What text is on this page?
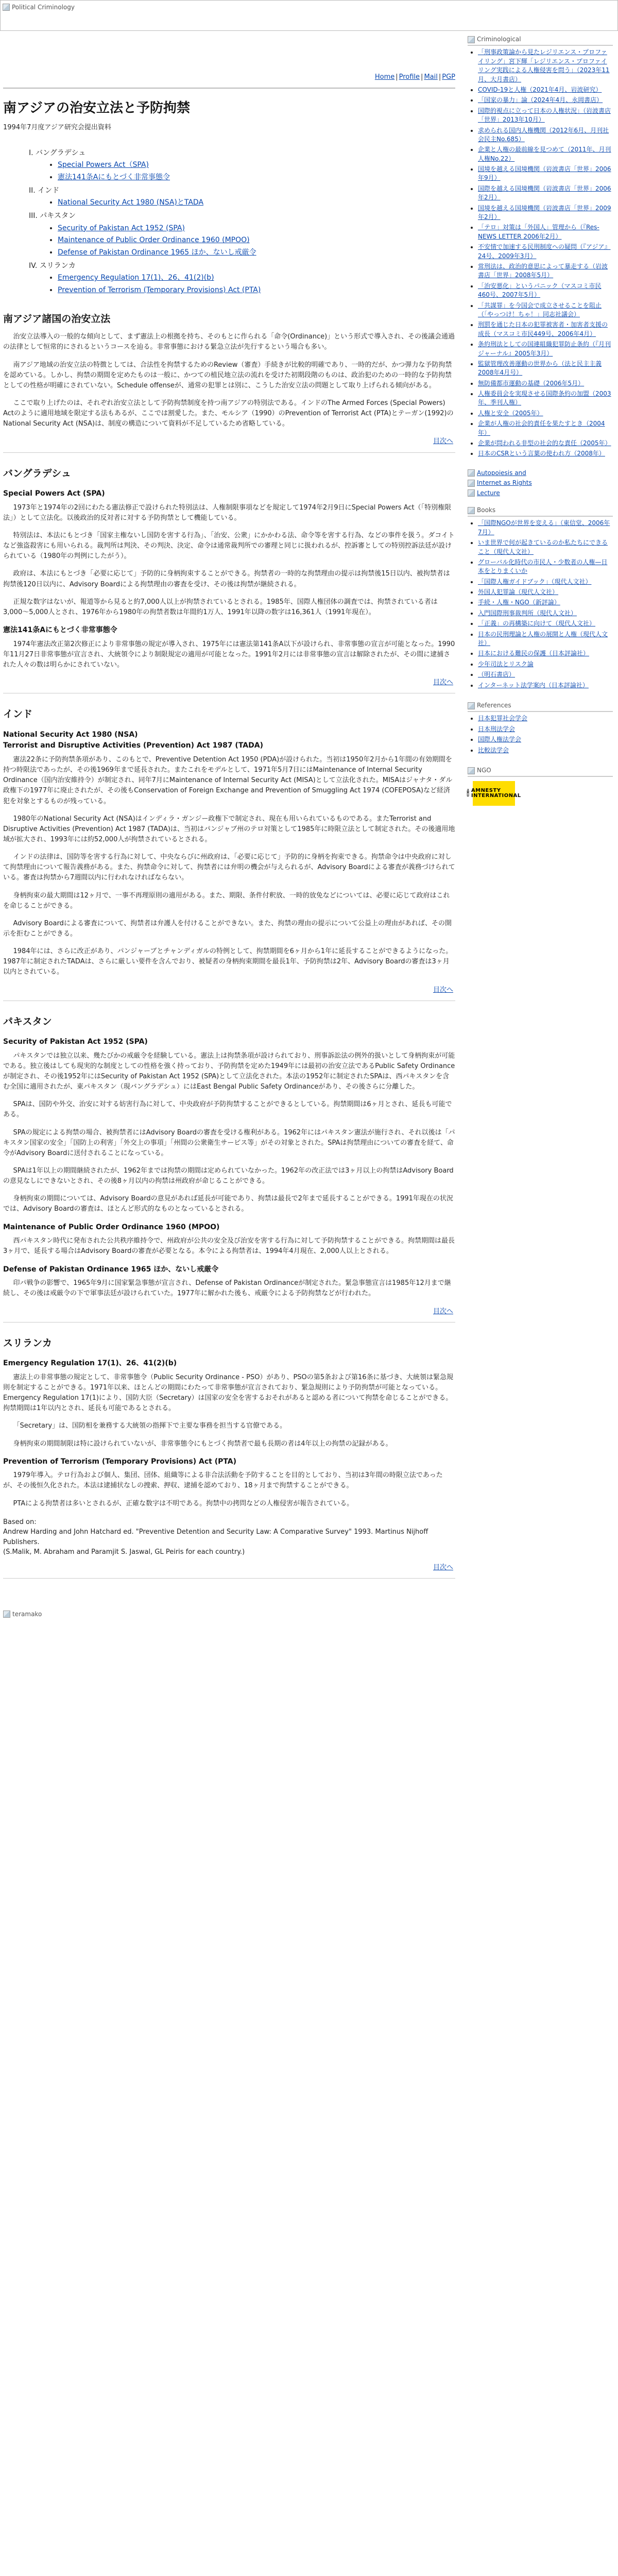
Political Criminology
Home | Profile | Mail | PGP
南アジアの治安立法と予防拘禁
1994年7月度アジア研究会提出資料
I. バングラデシュ
• Special Powers Act（SPA)
• 憲法141条Aにもとづく非常事態令
II. インド
• National Security Act 1980 (NSA)とTADA
III. パキスタン
• Security of Pakistan Act 1952 (SPA)
• Maintenance of Public Order Ordinance 1960 (MPOO)
• Defense of Pakistan Ordinance 1965 ほか、ないし戒厳令
IV. スリランカ
• Emergency Regulation 17(1)、26、41(2)(b)
• Prevention of Terrorism (Temporary Provisions) Act (PTA)
南アジア諸国の治安立法

治安立法導入の一般的な傾向として、まず憲法上の根拠を持ち、そのもとに作られる「命令(Ordinance)」という形式で導入され、その後議会通過の法律として恒常的にされるというコースを辿る。非常事態における緊急立法が先行するという場合も多い。

南アジア地域の治安立法の特徴としては、合法性を拘禁するためのReview（審査）手続きが比較的明確であり、一時的だが、かつ弾力な予防拘禁を認めている。しかし、拘禁の期間を定めたものは一般に、かつての植民地立法の流れを受けた初期段階のものは、政治犯のための一時的な予防拘禁としての性格が明確にされていない。Schedule offenseが、通常の犯罪とは別に、こうした治安立法の問題として取り上げられる傾向がある。

ここで取り上げたのは、それぞれ治安立法として予防拘禁制度を持つ南アジアの特別法である。インドのThe Armed Forces (Special Powers) Actのように適用地域を限定する法もあるが、ここでは割愛した。また、モルシア（1990）のPrevention of Terrorist Act (PTA)とテーガン(1992)のNational Security Act (NSA)は、制度の構造について資料が不足しているため省略している。

目次へ
バングラデシュ
Special Powers Act (SPA)

1973年と1974年の2回にわたる憲法修正で設けられた特別法は、人権制限事項などを規定して1974年2月9日にSpecial Powers Act（「特別権限法」）として立法化。以後政治的反対者に対する予防拘禁として機能している。

特別法は、本法にもとづき「国家主権ないし国防を害する行為」、「治安、公衆」にかかわる法、命令等を害する行為、などの事件を扱う。ダコイトなど強盗殺害にも用いられる。裁判所は判決、その判決、決定、命令は通常裁判所での審理と同じに扱われるが、控訴審としての特別控訴法廷が設けられている（1980年の判例にしたがう）。

政府は、本法にもとづき「必要に応じて」予防的に身柄拘束することができる。拘禁者の一時的な拘禁理由の提示は拘禁後15日以内、被拘禁者は拘禁後120日以内に、Advisory Boardによる拘禁理由の審査を受け、その後は拘禁が継続される。

正規な数字はないが、報道等から見ると約7,000人以上が拘禁されているとされる。1985年、国際人権団体の調査では、拘禁されている者は3,000～5,000人とされ、1976年から1980年の拘禁者数は年間約1万人、1991年以降の数字は16,361人（1991年現在）。

憲法141条Aにもとづく非常事態令

1974年憲法改正第2次修正により非常事態の規定が導入され、1975年には憲法第141条A以下が設けられ、非常事態の宣言が可能となった。1990年11月27日非常事態が宣言され、大統領令により制限規定の適用が可能となった。1991年2月には非常事態の宣言は解除されたが、その間に逮捕された人々の数は明らかにされていない。

目次へ
インド
National Security Act 1980 (NSA)
Terrorist and Disruptive Activities (Prevention) Act 1987 (TADA)

憲法22条に予防拘禁条項があり、このもとで、Preventive Detention Act 1950 (PDA)が設けられた。当初は1950年2月から1年間の有効期間を持つ時限法であったが、その後1969年まで延長された。またこれをモデルとして、1971年5月7日にはMaintenance of Internal Security Ordinance（国内治安維持令）が制定され、同年7月にMaintenance of Internal Security Act (MISA)として立法化された。MISAはジャナタ・ダル政権下の1977年に廃止されたが、その後もConservation of Foreign Exchange and Prevention of Smuggling Act 1974 (COFEPOSA)など経済犯を対象とするものが残っている。

1980年のNational Security Act (NSA)はインディラ・ガンジー政権下で制定され、現在も用いられているものである。またTerrorist and Disruptive Activities (Prevention) Act 1987 (TADA)は、当初はパンジャブ州のテロ対策として1985年に時限立法として制定された。その後適用地域が拡大され、1993年には約52,000人が拘禁されているとされる。

インドの法律は、国防等を害する行為に対して、中央ならびに州政府は、「必要に応じて」予防的に身柄を拘束できる。拘禁命令は中央政府に対して拘禁理由について報告義務がある。また、拘禁命令に対して、拘禁者には弁明の機会が与えられるが、Advisory Boardによる審査が義務づけられている。審査は拘禁から7週間以内に行われなければならない。

身柄拘束の最大期間は12ヶ月で、一事不再理原則の適用がある。また、期限、条件付釈放、一時的放免などについては、必要に応じて政府はこれを命じることができる。

Advisory Boardによる審査について、拘禁者は弁護人を付けることができない。また、拘禁の理由の提示について公益上の理由があれば、その開示を拒むことができる。

1984年には、さらに改正があり、パンジャーブとチャンディガルの特例として、拘禁期間を6ヶ月から1年に延長することができるようになった。1987年に制定されたTADAは、さらに厳しい要件を含んでおり、被疑者の身柄拘束期間を最長1年、予防拘禁は2年、Advisory Boardの審査は3ヶ月以内とされている。

目次へ
パキスタン
Security of Pakistan Act 1952 (SPA)

パキスタンでは独立以来、幾たびかの戒厳令を経験している。憲法上は拘禁条項が設けられており、刑事訴訟法の例外的扱いとして身柄拘束が可能である。独立後はしても現実的な制度としての性格を強く持っており、予防拘禁を定めた1949年には最初の治安立法であるPublic Safety Ordinanceが制定され、その後1952年にはSecurity of Pakistan Act 1952 (SPA)として立法化された。本法の1952年に制定されたSPAは、西パキスタンを含む全国に適用されたが、東パキスタン（現バングラデシュ）にはEast Bengal Public Safety Ordinanceがあり、その後さらに分離した。

SPAは、国防や外交、治安に対する妨害行為に対して、中央政府が予防拘禁することができるとしている。拘禁期間は6ヶ月とされ、延長も可能である。

SPAの規定による拘禁の場合、被拘禁者にはAdvisory Boardの審査を受ける権利がある。1962年にはパキスタン憲法が施行され、それ以後は「パキスタン国家の安全」「国防上の利害」「外交上の事項」「州間の公衆衛生サービス等」がその対象とされた。SPAは拘禁理由についての審査を経て、命令がAdvisory Boardに送付されることになっている。

SPAは1年以上の期間継続されたが、1962年までは拘禁の期間は定められていなかった。1962年の改正法では3ヶ月以上の拘禁はAdvisory Boardの意見なしにできないとされ、その後8ヶ月以内の拘禁は州政府が命じることができる。

身柄拘束の期間については、Advisory Boardの意見があれば延長が可能であり、拘禁は最長で2年まで延長することができる。1991年現在の状況では、Advisory Boardの審査は、ほとんど形式的なものとなっているとされる。

Maintenance of Public Order Ordinance 1960 (MPOO)

西パキスタン時代に発布された公共秩序維持令で、州政府が公共の安全及び治安を害する行為に対して予防拘禁することができる。拘禁期間は最長3ヶ月で、延長する場合はAdvisory Boardの審査が必要となる。本令による拘禁者は、1994年4月現在、2,000人以上とされる。

Defense of Pakistan Ordinance 1965 ほか、ないし戒厳令

印パ戦争の影響で、1965年9月に国家緊急事態が宣言され、Defense of Pakistan Ordinanceが制定された。緊急事態宣言は1985年12月まで継続し、その後は戒厳令の下で軍事法廷が設けられていた。1977年に解かれた後も、戒厳令による予防拘禁などが行われた。

目次へ
スリランカ
Emergency Regulation 17(1)、26、41(2)(b)

憲法上の非常事態の規定として、非常事態令（Public Security Ordinance - PSO）があり、PSOの第5条および第16条に基づき、大統領は緊急規則を制定することができる。1971年以来、ほとんどの期間にわたって非常事態が宣言されており、緊急規則により予防拘禁が可能となっている。Emergency Regulation 17(1)により、国防大臣（Secretary）は国家の安全を害するおそれがあると認める者について拘禁を命じることができる。拘禁期間は1年以内とされ、延長も可能であるとされる。

「Secretary」は、国防相を兼務する大統領の指揮下で主要な事務を担当する官僚である。

身柄拘束の期間制限は特に設けられていないが、非常事態令にもとづく拘禁者で最も長期の者は4年以上の拘禁の記録がある。

Prevention of Terrorism (Temporary Provisions) Act (PTA)

1979年導入。テロ行為および個人、集団、団体、組織等による非合法活動を予防することを目的としており、当初は3年間の時限立法であったが、その後恒久化された。本法は逮捕状なしの捜索、押収、逮捕を認めており、18ヶ月まで拘禁することができる。

PTAによる拘禁者は多いとされるが、正確な数字は不明である。拘禁中の拷問などの人権侵害が報告されている。

Based on:
Andrew Harding and John Hatchard ed. "Preventive Detention and Security Law: A Comparative Survey" 1993. Martinus Nijhoff Publishers.
(S.Malik, M. Abraham and Paramjit S. Jaswal, GL Peiris for each country.)
目次へ
teramako
Criminological
• 「刑事政策論から見たレジリエンス・プロファイリング」宮下輝「レジリエンス・プロファイリング実践による人権侵害を問う」（2023年11月、大月書店）
• COVID-19と人権（2021年4月、岩波研究）
• 「国家の暴力」論（2024年4月、永岡書店）
• 国際的視点に立って日本の人権状況」（岩波書店「世界」2013年10月）
• 求められる国内人権機関（2012年6月、月刊社会民主No.685）
• 企業と人権の最前線を見つめて（2011年、月刊人権No.22）
• 国境を越える国境機関（岩波書店「世界」2006年9月）
• 国際を越える国境機関（岩波書店「世界」2006年2月）
• 国境を越える国境機関（岩波書店「世界」2009年2月）
• 「テロ」対策は「外国人」管理から（『Res-NEWS LETTER 2006年2月）
• 不安情で加速する民刑制度への疑問（『アジア』24号、2009年3月）
• 常刑法は、政治的意思によって暴走する（岩波書店「世界」2008年5月）
• 「治安悪化」というパニック（マスコミ市民460号、2007年5月）
• 「共謀罪」を今国会で成立させることを阻止（「やっつけ！ちゃ！」同志社議会）
• 刑罰を通じた日本の犯罪被害者・加害者支援の成長（マスコミ市民449号、2006年4月）
• 条約刑法としての国連組織犯罪防止条約（『月刊ジャーナル』2005年3月）
• 監獄管理改善運動の世界から（法と民主主義2008年4月号）
• 無防備都市運動の基礎（2006年5月）
• 人権委員会を実現させる国際条約の加盟（2003年、季刊人権）
• 人権と安全（2005年）
• 企業が人権の社会的責任を果たすとき（2004年）
• 企業が問われる非型の社会的な責任（2005年）
• 日本のCSRという言葉の使われ方（2008年）
Autopoiesis and
Internet as Rights
Lecture
Books
• 「国際NGOが世界を変える」（東信堂、2006年7月）
• いま世界で何が起きているのか私たちにできること（現代人文社）
• グローバル化時代の市民人・少数者の人権—日本をとりまくいか
• 「国際人権ガイドブック」（現代人文社）
• 外国人犯罪論（現代人文社）
• 手続・人権・NGO（新評論）
• 入門国際刑事裁判所（現代人文社）
• 「正義」の再構築に向けて（現代人文社）
• 日本の民刑理論と人権の展開と人権（現代人文社）
• 日本における難民の保護（日本評論社）
• 少年司法とリスク論
• （明石書店）
• インターネット法学案内（日本評論社）
References
• 日本犯罪社会学会
• 日本刑法学会
• 国際人権法学会
• 比較法学会
NGO
🕯 AMNESTY INTERNATIONAL
